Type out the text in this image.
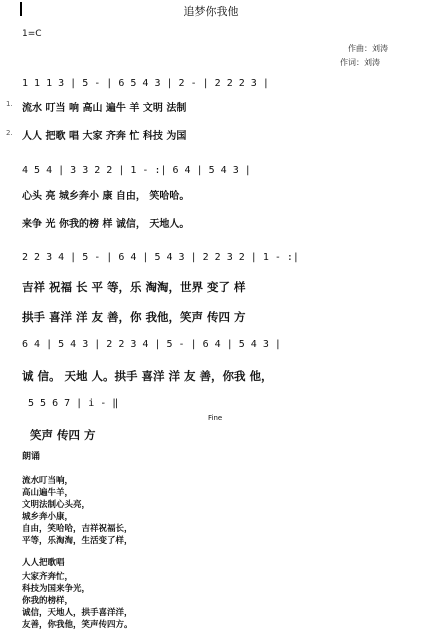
追梦你我他
1=C
作曲：刘涛
作词：刘涛
1 1 1 3 | 5 - | 6 5 4 3 | 2 - | 2 2 2 3 |
1. 流水 叮当 响 高山 遍牛 羊 文明 法制
2. 人人 把歌 唱 大家 齐奔 忙 科技 为国
4 5 4 | 3 3 2 2 | 1 - :| 6 4 | 5 4 3 |
心头 亮 城乡奔小 康 自由， 笑哈哈。
来争 光 你我的榜 样 诚信， 天地人。
2 2 3 4 | 5 - | 6 4 | 5 4 3 | 2 2 3 2 | 1 - :|
吉祥 祝福 长 平 等，乐 淘淘，世界 变了 样
拱手 喜洋 洋 友 善，你 我他，笑声 传四 方
6 4 | 5 4 3 | 2 2 3 4 | 5 - | 6 4 | 5 4 3 |
诚 信。 天地 人。拱手 喜洋 洋 友 善，你我 他，
5 5 6 7 | i - ‖
Fine
笑声 传四 方
朗诵
流水叮当响，
高山遍牛羊，
文明法制心头亮，
城乡奔小康，
自由，笑哈哈，吉祥祝福长，
平等，乐淘淘，生活变了样，
人人把歌唱
大家齐奔忙，
科技为国来争光，
你我的榜样，
诚信，天地人，拱手喜洋洋，
友善，你我他，笑声传四方。
